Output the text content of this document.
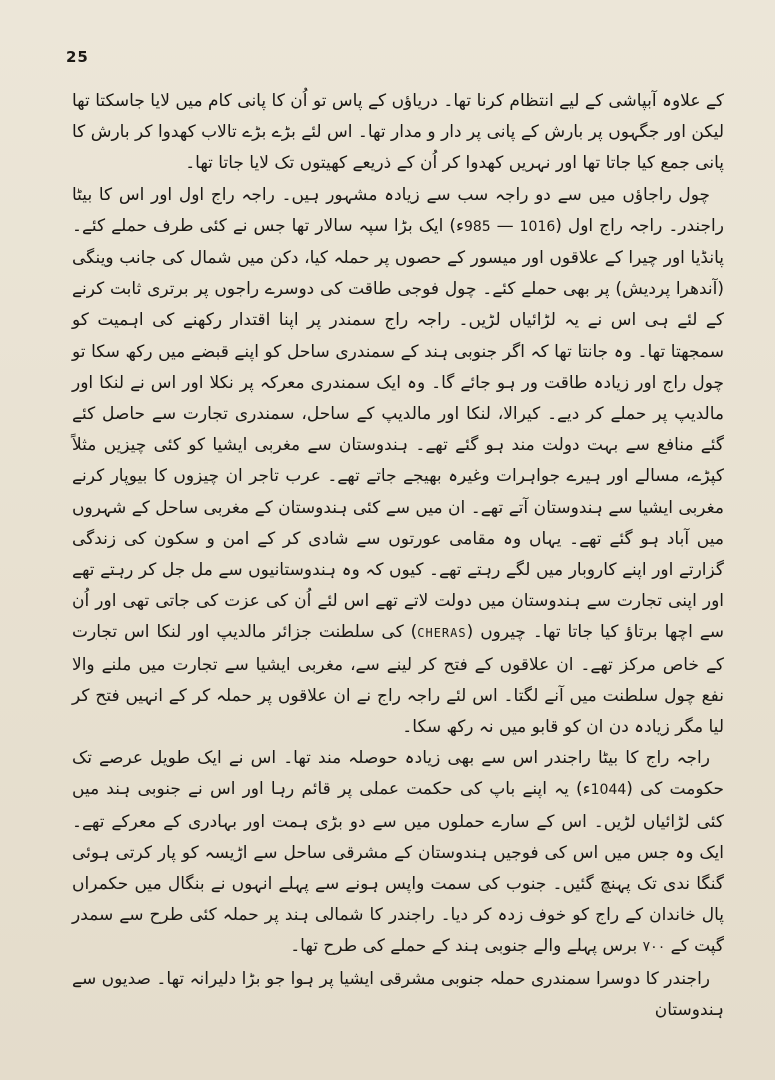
25

کے علاوہ آبپاشی کے لیے انتظام کرنا تھا۔ دریاؤں کے پاس تو اُن کا پانی کام میں لایا جاسکتا تھا لیکن اور جگہوں پر بارش کے پانی پر دار و مدار تھا۔ اس لئے بڑے بڑے تالاب کھدوا کر بارش کا پانی جمع کیا جاتا تھا اور نہریں کھدوا کر اُن کے ذریعے کھیتوں تک لایا جاتا تھا۔

چول راجاؤں میں سے دو راجہ سب سے زیادہ مشہور ہیں۔ راجہ راج اول اور اس کا بیٹا راجندر۔ راجہ راج اول (985 — 1016ء) ایک بڑا سپہ سالار تھا جس نے کئی طرف حملے کئے۔ پانڈیا اور چیرا کے علاقوں اور میسور کے حصوں پر حملہ کیا، دکن میں شمال کی جانب وینگی (آندھرا پردیش) پر بھی حملے کئے۔ چول فوجی طاقت کی دوسرے راجوں پر برتری ثابت کرنے کے لئے ہی اس نے یہ لڑائیاں لڑیں۔ راجہ راج سمندر پر اپنا اقتدار رکھنے کی اہمیت کو سمجھتا تھا۔ وہ جانتا تھا کہ اگر جنوبی ہند کے سمندری ساحل کو اپنے قبضے میں رکھ سکا تو چول راج اور زیادہ طاقت ور ہو جائے گا۔ وہ ایک سمندری معرکہ پر نکلا اور اس نے لنکا اور مالدیپ پر حملے کر دیے۔ کیرالا، لنکا اور مالدیپ کے ساحل، سمندری تجارت سے حاصل کئے گئے منافع سے بہت دولت مند ہو گئے تھے۔ ہندوستان سے مغربی ایشیا کو کئی چیزیں مثلاً کپڑے، مسالے اور ہیرے جواہرات وغیرہ بھیجے جاتے تھے۔ عرب تاجر ان چیزوں کا بیوپار کرنے مغربی ایشیا سے ہندوستان آتے تھے۔ ان میں سے کئی ہندوستان کے مغربی ساحل کے شہروں میں آباد ہو گئے تھے۔ یہاں وہ مقامی عورتوں سے شادی کر کے امن و سکون کی زندگی گزارتے اور اپنے کاروبار میں لگے رہتے تھے۔ کیوں کہ وہ ہندوستانیوں سے مل جل کر رہتے تھے اور اپنی تجارت سے ہندوستان میں دولت لاتے تھے اس لئے اُن کی عزت کی جاتی تھی اور اُن سے اچھا برتاؤ کیا جاتا تھا۔ چیروں (CHERAS) کی سلطنت جزائر مالدیپ اور لنکا اس تجارت کے خاص مرکز تھے۔ ان علاقوں کے فتح کر لینے سے، مغربی ایشیا سے تجارت میں ملنے والا نفع چول سلطنت میں آنے لگتا۔ اس لئے راجہ راج نے ان علاقوں پر حملہ کر کے انہیں فتح کر لیا مگر زیادہ دن ان کو قابو میں نہ رکھ سکا۔

راجہ راج کا بیٹا راجندر اس سے بھی زیادہ حوصلہ مند تھا۔ اس نے ایک طویل عرصے تک حکومت کی (1044ء) یہ اپنے باپ کی حکمت عملی پر قائم رہا اور اس نے جنوبی ہند میں کئی لڑائیاں لڑیں۔ اس کے سارے حملوں میں سے دو بڑی ہمت اور بہادری کے معرکے تھے۔ ایک وہ جس میں اس کی فوجیں ہندوستان کے مشرقی ساحل سے اڑیسہ کو پار کرتی ہوئی گنگا ندی تک پہنچ گئیں۔ جنوب کی سمت واپس ہونے سے پہلے انہوں نے بنگال میں حکمراں پال خاندان کے راج کو خوف زدہ کر دیا۔ راجندر کا شمالی ہند پر حملہ کئی طرح سے سمدر گپت کے ۷۰۰ برس پہلے والے جنوبی ہند کے حملے کی طرح تھا۔

راجندر کا دوسرا سمندری حملہ جنوبی مشرقی ایشیا پر ہوا جو بڑا دلیرانہ تھا۔ صدیوں سے ہندوستان
